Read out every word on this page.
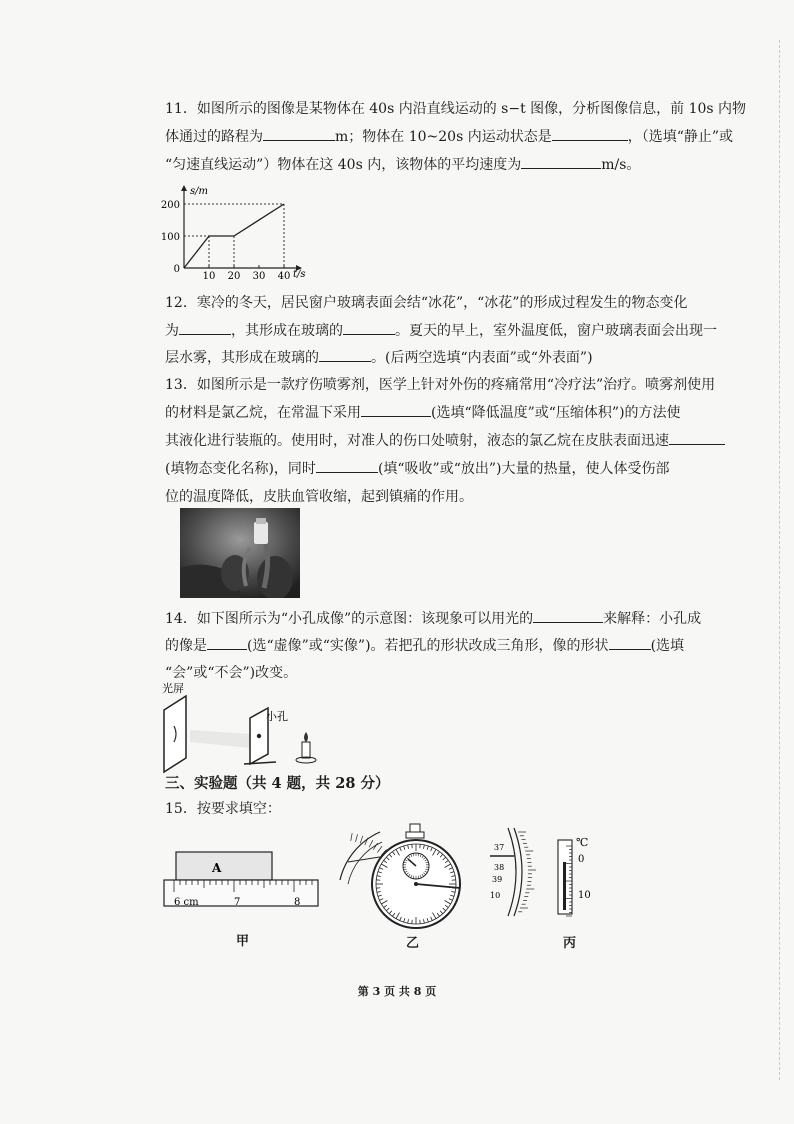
11．如图所示的图像是某物体在 40s 内沿直线运动的 s−t 图像，分析图像信息，前 10s 内物
体通过的路程为	m；物体在 10~20s 内运动状态是	，（选填“静止”或
“匀速直线运动”）物体在这 40s 内，该物体的平均速度为	m/s。
200
100
0
10 20 30 40
s/m
t/s
12．寒冷的冬天，居民窗户玻璃表面会结“冰花”，“冰花”的形成过程发生的物态变化
为	，其形成在玻璃的	。夏天的早上，室外温度低，窗户玻璃表面会出现一
层水雾，其形成在玻璃的	。(后两空选填“内表面”或“外表面”)
13．如图所示是一款疗伤喷雾剂，医学上针对外伤的疼痛常用“冷疗法”治疗。喷雾剂使用
的材料是氯乙烷，在常温下采用	(选填“降低温度”或“压缩体积”)的方法使
其液化进行装瓶的。使用时，对准人的伤口处喷射，液态的氯乙烷在皮肤表面迅速
(填物态变化名称)，同时	(填“吸收”或“放出”)大量的热量，使人体受伤部
位的温度降低，皮肤血管收缩，起到镇痛的作用。
14．如下图所示为“小孔成像”的示意图：该现象可以用光的	来解释：小孔成
的像是	(选“虚像”或“实像”)。若把孔的形状改成三角形，像的形状	(选填
“会”或“不会”)改变。
光屏
小孔
三、实验题（共 4 题，共 28 分）
15．按要求填空：
A
6 cm	7	8
甲	乙
37
38
39
10
℃
0
10
丙
第 3 页 共 8 页
